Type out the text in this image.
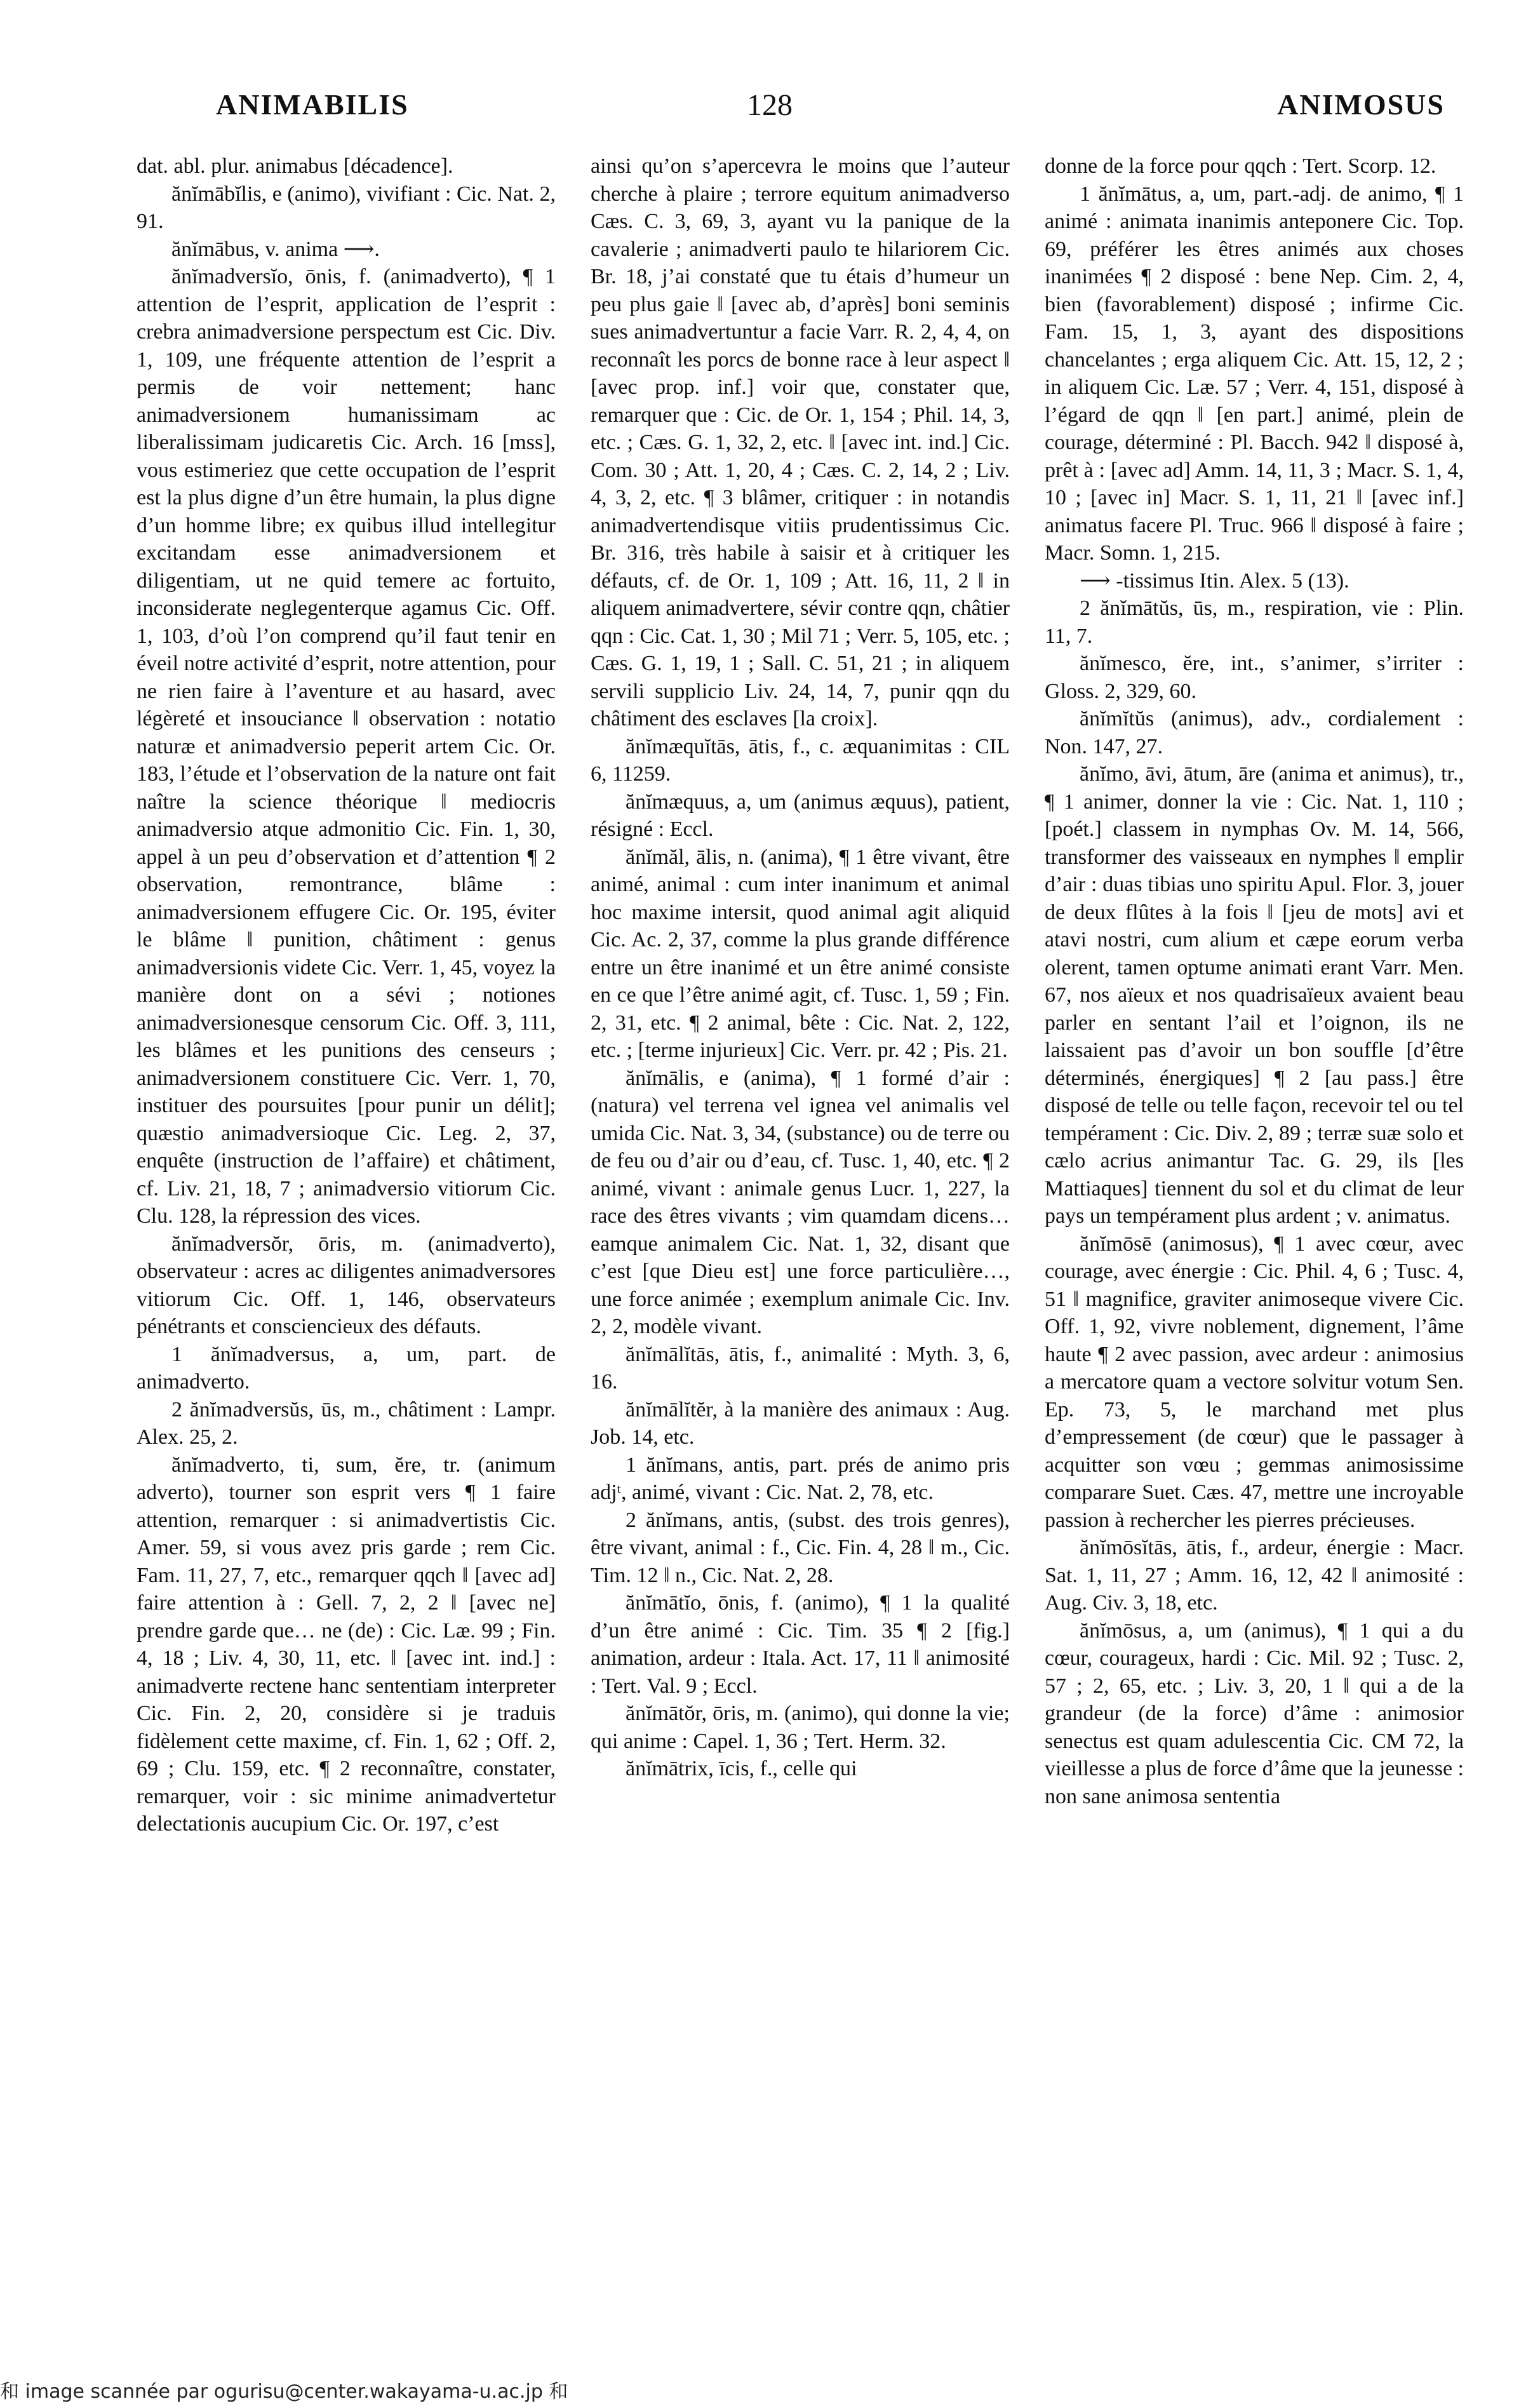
ANIMABILIS	128	ANIMOSUS

dat. abl. plur. animabus [décadence].

ănĭmābĭlis, e (animo), vivifiant : Cic. Nat. 2, 91.

ănĭmābus, v. anima ⟶.

ănĭmadversĭo, ōnis, f. (animadverto), ¶ 1 attention de l’esprit, application de l’esprit : crebra animadversione perspectum est Cic. Div. 1, 109, une fréquente attention de l’esprit a permis de voir nettement; hanc animadversionem humanissimam ac liberalissimam judicaretis Cic. Arch. 16 [mss], vous estimeriez que cette occupation de l’esprit est la plus digne d’un être humain, la plus digne d’un homme libre; ex quibus illud intellegitur excitandam esse animadversionem et diligentiam, ut ne quid temere ac fortuito, inconsiderate neglegenterque agamus Cic. Off. 1, 103, d’où l’on comprend qu’il faut tenir en éveil notre activité d’esprit, notre attention, pour ne rien faire à l’aventure et au hasard, avec légèreté et insouciance ‖ observation : notatio naturæ et animadversio peperit artem Cic. Or. 183, l’étude et l’observation de la nature ont fait naître la science théorique ‖ mediocris animadversio atque admonitio Cic. Fin. 1, 30, appel à un peu d’observation et d’attention ¶ 2 observation, remontrance, blâme : animadversionem effugere Cic. Or. 195, éviter le blâme ‖ punition, châtiment : genus animadversionis videte Cic. Verr. 1, 45, voyez la manière dont on a sévi ; notiones animadversionesque censorum Cic. Off. 3, 111, les blâmes et les punitions des censeurs ; animadversionem constituere Cic. Verr. 1, 70, instituer des poursuites [pour punir un délit]; quæstio animadversioque Cic. Leg. 2, 37, enquête (instruction de l’affaire) et châtiment, cf. Liv. 21, 18, 7 ; animadversio vitiorum Cic. Clu. 128, la répression des vices.

ănĭmadversŏr, ōris, m. (animadverto), observateur : acres ac diligentes animadversores vitiorum Cic. Off. 1, 146, observateurs pénétrants et consciencieux des défauts.

1 ănĭmadversus, a, um, part. de animadverto.

2 ănĭmadversŭs, ūs, m., châtiment : Lampr. Alex. 25, 2.

ănĭmadverto, ti, sum, ĕre, tr. (animum adverto), tourner son esprit vers ¶ 1 faire attention, remarquer : si animadvertistis Cic. Amer. 59, si vous avez pris garde ; rem Cic. Fam. 11, 27, 7, etc., remarquer qqch ‖ [avec ad] faire attention à : Gell. 7, 2, 2 ‖ [avec ne] prendre garde que… ne (de) : Cic. Læ. 99 ; Fin. 4, 18 ; Liv. 4, 30, 11, etc. ‖ [avec int. ind.] : animadverte rectene hanc sententiam interpreter Cic. Fin. 2, 20, considère si je traduis fidèlement cette maxime, cf. Fin. 1, 62 ; Off. 2, 69 ; Clu. 159, etc. ¶ 2 reconnaître, constater, remarquer, voir : sic minime animadvertetur delectationis aucupium Cic. Or. 197, c’est

ainsi qu’on s’apercevra le moins que l’auteur cherche à plaire ; terrore equitum animadverso Cæs. C. 3, 69, 3, ayant vu la panique de la cavalerie ; animadverti paulo te hilariorem Cic. Br. 18, j’ai constaté que tu étais d’humeur un peu plus gaie ‖ [avec ab, d’après] boni seminis sues animadvertuntur a facie Varr. R. 2, 4, 4, on reconnaît les porcs de bonne race à leur aspect ‖ [avec prop. inf.] voir que, constater que, remarquer que : Cic. de Or. 1, 154 ; Phil. 14, 3, etc. ; Cæs. G. 1, 32, 2, etc. ‖ [avec int. ind.] Cic. Com. 30 ; Att. 1, 20, 4 ; Cæs. C. 2, 14, 2 ; Liv. 4, 3, 2, etc. ¶ 3 blâmer, critiquer : in notandis animadvertendisque vitiis prudentissimus Cic. Br. 316, très habile à saisir et à critiquer les défauts, cf. de Or. 1, 109 ; Att. 16, 11, 2 ‖ in aliquem animadvertere, sévir contre qqn, châtier qqn : Cic. Cat. 1, 30 ; Mil 71 ; Verr. 5, 105, etc. ; Cæs. G. 1, 19, 1 ; Sall. C. 51, 21 ; in aliquem servili supplicio Liv. 24, 14, 7, punir qqn du châtiment des esclaves [la croix].

ănĭmæquĭtās, ātis, f., c. æquanimitas : CIL 6, 11259.

ănĭmæquus, a, um (animus æquus), patient, résigné : Eccl.

ănĭmăl, ālis, n. (anima), ¶ 1 être vivant, être animé, animal : cum inter inanimum et animal hoc maxime intersit, quod animal agit aliquid Cic. Ac. 2, 37, comme la plus grande différence entre un être inanimé et un être animé consiste en ce que l’être animé agit, cf. Tusc. 1, 59 ; Fin. 2, 31, etc. ¶ 2 animal, bête : Cic. Nat. 2, 122, etc. ; [terme injurieux] Cic. Verr. pr. 42 ; Pis. 21.

ănĭmālis, e (anima), ¶ 1 formé d’air : (natura) vel terrena vel ignea vel animalis vel umida Cic. Nat. 3, 34, (substance) ou de terre ou de feu ou d’air ou d’eau, cf. Tusc. 1, 40, etc. ¶ 2 animé, vivant : animale genus Lucr. 1, 227, la race des êtres vivants ; vim quamdam dicens… eamque animalem Cic. Nat. 1, 32, disant que c’est [que Dieu est] une force particulière…, une force animée ; exemplum animale Cic. Inv. 2, 2, modèle vivant.

ănĭmālĭtās, ātis, f., animalité : Myth. 3, 6, 16.

ănĭmālĭtĕr, à la manière des animaux : Aug. Job. 14, etc.

1 ănĭmans, antis, part. prés de animo pris adjᵗ, animé, vivant : Cic. Nat. 2, 78, etc.

2 ănĭmans, antis, (subst. des trois genres), être vivant, animal : f., Cic. Fin. 4, 28 ‖ m., Cic. Tim. 12 ‖ n., Cic. Nat. 2, 28.

ănĭmātĭo, ōnis, f. (animo), ¶ 1 la qualité d’un être animé : Cic. Tim. 35 ¶ 2 [fig.] animation, ardeur : Itala. Act. 17, 11 ‖ animosité : Tert. Val. 9 ; Eccl.

ănĭmātŏr, ōris, m. (animo), qui donne la vie; qui anime : Capel. 1, 36 ; Tert. Herm. 32.

ănĭmātrix, īcis, f., celle qui

donne de la force pour qqch : Tert. Scorp. 12.

1 ănĭmātus, a, um, part.-adj. de animo, ¶ 1 animé : animata inanimis anteponere Cic. Top. 69, préférer les êtres animés aux choses inanimées ¶ 2 disposé : bene Nep. Cim. 2, 4, bien (favorablement) disposé ; infirme Cic. Fam. 15, 1, 3, ayant des dispositions chancelantes ; erga aliquem Cic. Att. 15, 12, 2 ; in aliquem Cic. Læ. 57 ; Verr. 4, 151, disposé à l’égard de qqn ‖ [en part.] animé, plein de courage, déterminé : Pl. Bacch. 942 ‖ disposé à, prêt à : [avec ad] Amm. 14, 11, 3 ; Macr. S. 1, 4, 10 ; [avec in] Macr. S. 1, 11, 21 ‖ [avec inf.] animatus facere Pl. Truc. 966 ‖ disposé à faire ; Macr. Somn. 1, 215.

⟶ -tissimus Itin. Alex. 5 (13).

2 ănĭmātŭs, ūs, m., respiration, vie : Plin. 11, 7.

ănĭmesco, ĕre, int., s’animer, s’irriter : Gloss. 2, 329, 60.

ănĭmĭtŭs (animus), adv., cordialement : Non. 147, 27.

ănĭmo, āvi, ātum, āre (anima et animus), tr., ¶ 1 animer, donner la vie : Cic. Nat. 1, 110 ; [poét.] classem in nymphas Ov. M. 14, 566, transformer des vaisseaux en nymphes ‖ emplir d’air : duas tibias uno spiritu Apul. Flor. 3, jouer de deux flûtes à la fois ‖ [jeu de mots] avi et atavi nostri, cum alium et cæpe eorum verba olerent, tamen optume animati erant Varr. Men. 67, nos aïeux et nos quadrisaïeux avaient beau parler en sentant l’ail et l’oignon, ils ne laissaient pas d’avoir un bon souffle [d’être déterminés, énergiques] ¶ 2 [au pass.] être disposé de telle ou telle façon, recevoir tel ou tel tempérament : Cic. Div. 2, 89 ; terræ suæ solo et cælo acrius animantur Tac. G. 29, ils [les Mattiaques] tiennent du sol et du climat de leur pays un tempérament plus ardent ; v. animatus.

ănĭmōsē (animosus), ¶ 1 avec cœur, avec courage, avec énergie : Cic. Phil. 4, 6 ; Tusc. 4, 51 ‖ magnifice, graviter animoseque vivere Cic. Off. 1, 92, vivre noblement, dignement, l’âme haute ¶ 2 avec passion, avec ardeur : animosius a mercatore quam a vectore solvitur votum Sen. Ep. 73, 5, le marchand met plus d’empressement (de cœur) que le passager à acquitter son vœu ; gemmas animosissime comparare Suet. Cæs. 47, mettre une incroyable passion à rechercher les pierres précieuses.

ănĭmōsĭtās, ātis, f., ardeur, énergie : Macr. Sat. 1, 11, 27 ; Amm. 16, 12, 42 ‖ animosité : Aug. Civ. 3, 18, etc.

ănĭmōsus, a, um (animus), ¶ 1 qui a du cœur, courageux, hardi : Cic. Mil. 92 ; Tusc. 2, 57 ; 2, 65, etc. ; Liv. 3, 20, 1 ‖ qui a de la grandeur (de la force) d’âme : animosior senectus est quam adulescentia Cic. CM 72, la vieillesse a plus de force d’âme que la jeunesse : non sane animosa sententia

和 image scannée par ogurisu@center.wakayama-u.ac.jp 和
